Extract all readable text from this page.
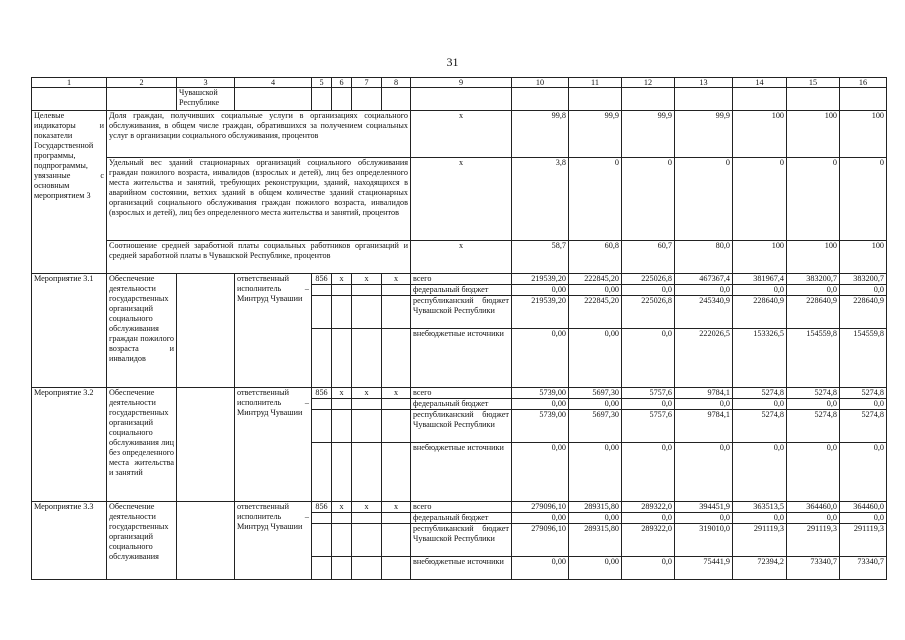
31
1	2	3	4	5	6	7	8	9	10	11	12	13	14	15	16
		Чувашской Республике													
Целевые индикаторы и показатели Государственной программы, подпрограммы, увязанные с основным мероприятием 3	Доля граждан, получивших социальные услуги в организациях социального обслуживания, в общем числе граждан, обратившихся за получением социальных услуг в организации социального обслуживания, процентов							x	99,8	99,9	99,9	99,9	100	100	100
	Удельный вес зданий стационарных организаций социального обслуживания граждан пожилого возраста, инвалидов (взрослых и детей), лиц без определенного места жительства и занятий, требующих реконструкции, зданий, находящихся в аварийном состоянии, ветхих зданий в общем количестве зданий стационарных организаций социального обслуживания граждан пожилого возраста, инвалидов (взрослых и детей), лиц без определенного места жительства и занятий, процентов							x	3,8	0	0	0	0	0	0
	Соотношение средней заработной платы социальных работников организаций и средней заработной платы в Чувашской Республике, процентов							x	58,7	60,8	60,7	80,0	100	100	100
Мероприятие 3.1	Обеспечение деятельности государственных организаций социального обслуживания граждан пожилого возраста и инвалидов		ответственный исполнитель – Минтруд Чувашии	856	x	x	x	всего	219539,20	222845,20	225026,8	467367,4	381967,4	383200,7	383200,7
								федеральный бюджет	0,00	0,00	0,0	0,0	0,0	0,0	0,0
								республиканский бюджет Чувашской Республики	219539,20	222845,20	225026,8	245340,9	228640,9	228640,9	228640,9
								внебюджетные источники	0,00	0,00	0,0	222026,5	153326,5	154559,8	154559,8
Мероприятие 3.2	Обеспечение деятельности государственных организаций социального обслуживания лиц без определенного места жительства и занятий		ответственный исполнитель – Минтруд Чувашии	856	x	x	x	всего	5739,00	5697,30	5757,6	9784,1	5274,8	5274,8	5274,8
								федеральный бюджет	0,00	0,00	0,0	0,0	0,0	0,0	0,0
								республиканский бюджет Чувашской Республики	5739,00	5697,30	5757,6	9784,1	5274,8	5274,8	5274,8
								внебюджетные источники	0,00	0,00	0,0	0,0	0,0	0,0	0,0
Мероприятие 3.3	Обеспечение деятельности государственных организаций социального обслуживания		ответственный исполнитель – Минтруд Чувашии	856	x	x	x	всего	279096,10	289315,80	289322,0	394451,9	363513,5	364460,0	364460,0
								федеральный бюджет	0,00	0,00	0,0	0,0	0,0	0,0	0,0
								республиканский бюджет Чувашской Республики	279096,10	289315,80	289322,0	319010,0	291119,3	291119,3	291119,3
								внебюджетные источники	0,00	0,00	0,0	75441,9	72394,2	73340,7	73340,7
